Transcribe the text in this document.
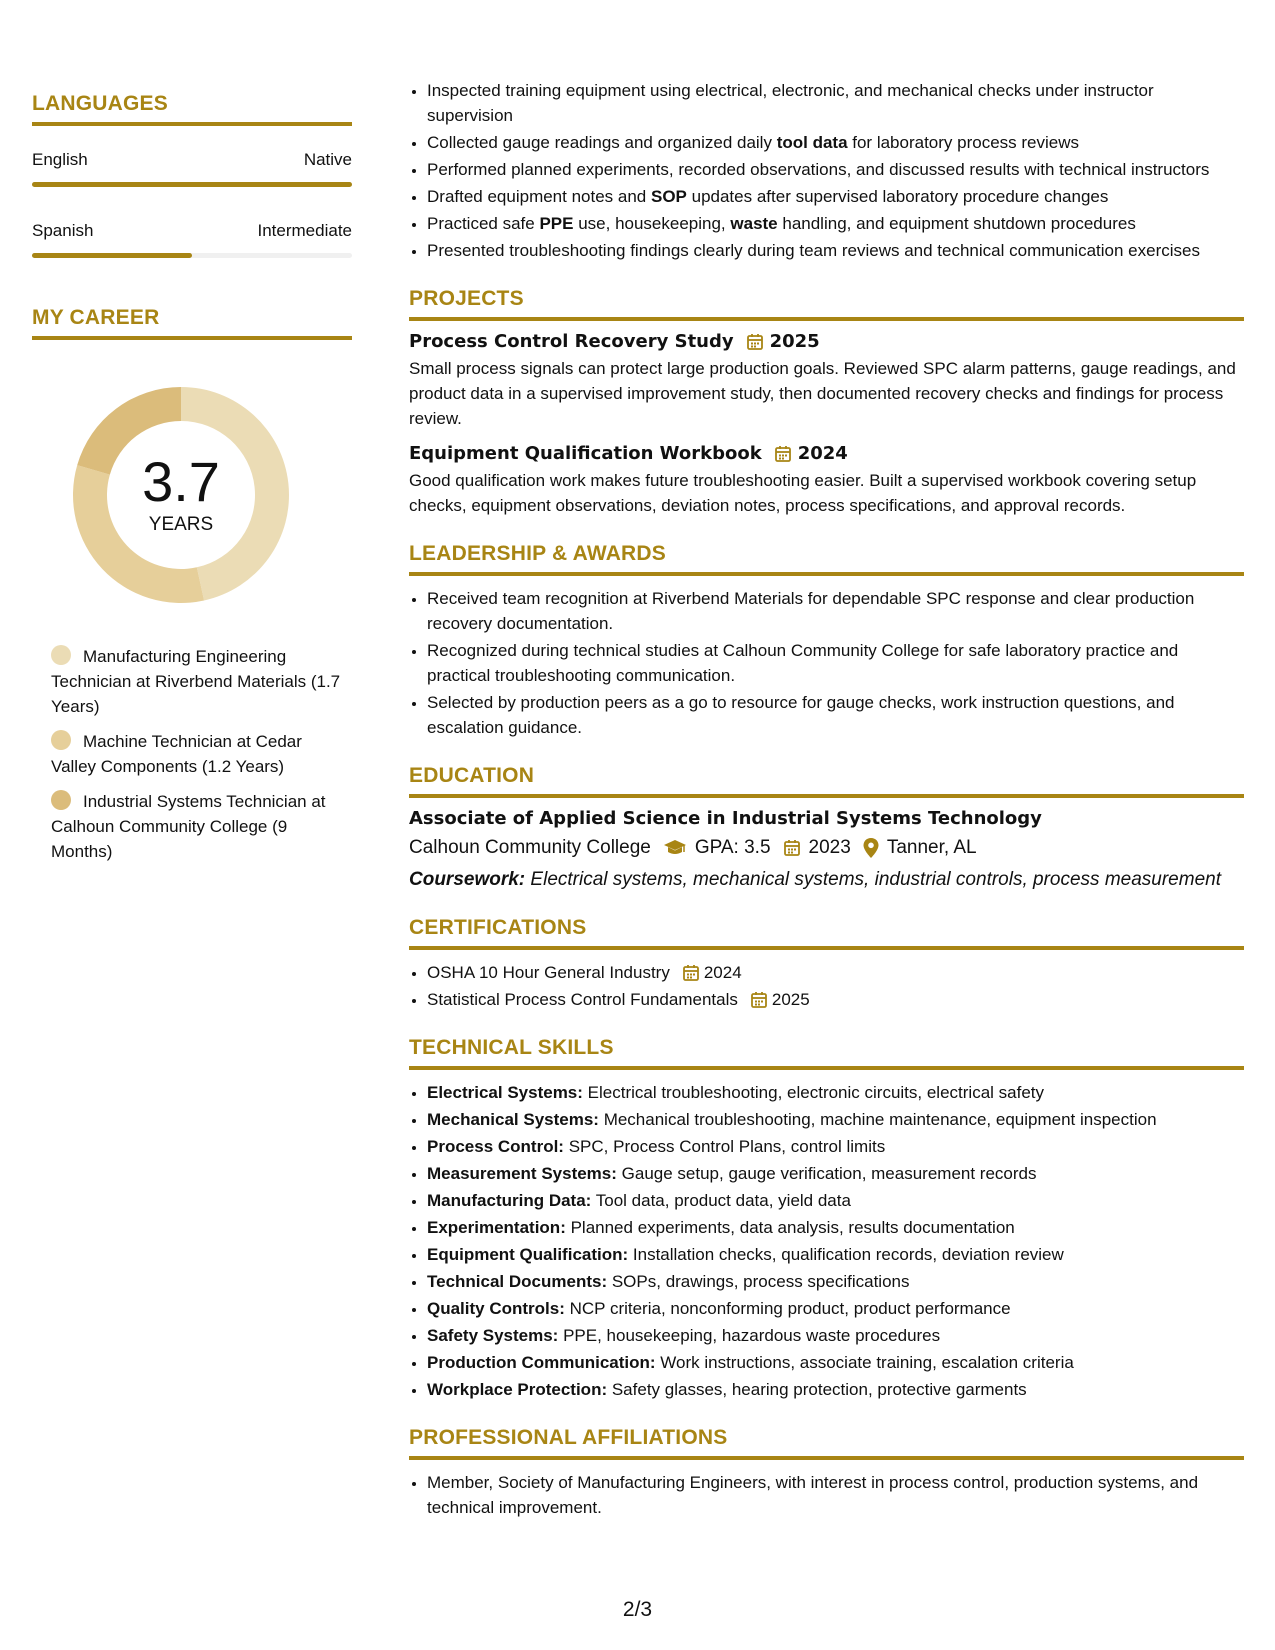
LANGUAGES
English	Native
Spanish	Intermediate
MY CAREER
3.7
YEARS
Manufacturing Engineering Technician at Riverbend Materials (1.7 Years)
Machine Technician at Cedar Valley Components (1.2 Years)
Industrial Systems Technician at Calhoun Community College (9 Months)
• Inspected training equipment using electrical, electronic, and mechanical checks under instructor supervision
• Collected gauge readings and organized daily tool data for laboratory process reviews
• Performed planned experiments, recorded observations, and discussed results with technical instructors
• Drafted equipment notes and SOP updates after supervised laboratory procedure changes
• Practiced safe PPE use, housekeeping, waste handling, and equipment shutdown procedures
• Presented troubleshooting findings clearly during team reviews and technical communication exercises
PROJECTS
Process Control Recovery Study 2025
Small process signals can protect large production goals. Reviewed SPC alarm patterns, gauge readings, and product data in a supervised improvement study, then documented recovery checks and findings for process review.
Equipment Qualification Workbook 2024
Good qualification work makes future troubleshooting easier. Built a supervised workbook covering setup checks, equipment observations, deviation notes, process specifications, and approval records.
LEADERSHIP & AWARDS
• Received team recognition at Riverbend Materials for dependable SPC response and clear production recovery documentation.
• Recognized during technical studies at Calhoun Community College for safe laboratory practice and practical troubleshooting communication.
• Selected by production peers as a go to resource for gauge checks, work instruction questions, and escalation guidance.
EDUCATION
Associate of Applied Science in Industrial Systems Technology
Calhoun Community College GPA: 3.5 2023 Tanner, AL
Coursework: Electrical systems, mechanical systems, industrial controls, process measurement
CERTIFICATIONS
• OSHA 10 Hour General Industry 2024
• Statistical Process Control Fundamentals 2025
TECHNICAL SKILLS
• Electrical Systems: Electrical troubleshooting, electronic circuits, electrical safety
• Mechanical Systems: Mechanical troubleshooting, machine maintenance, equipment inspection
• Process Control: SPC, Process Control Plans, control limits
• Measurement Systems: Gauge setup, gauge verification, measurement records
• Manufacturing Data: Tool data, product data, yield data
• Experimentation: Planned experiments, data analysis, results documentation
• Equipment Qualification: Installation checks, qualification records, deviation review
• Technical Documents: SOPs, drawings, process specifications
• Quality Controls: NCP criteria, nonconforming product, product performance
• Safety Systems: PPE, housekeeping, hazardous waste procedures
• Production Communication: Work instructions, associate training, escalation criteria
• Workplace Protection: Safety glasses, hearing protection, protective garments
PROFESSIONAL AFFILIATIONS
• Member, Society of Manufacturing Engineers, with interest in process control, production systems, and technical improvement.
2/3
